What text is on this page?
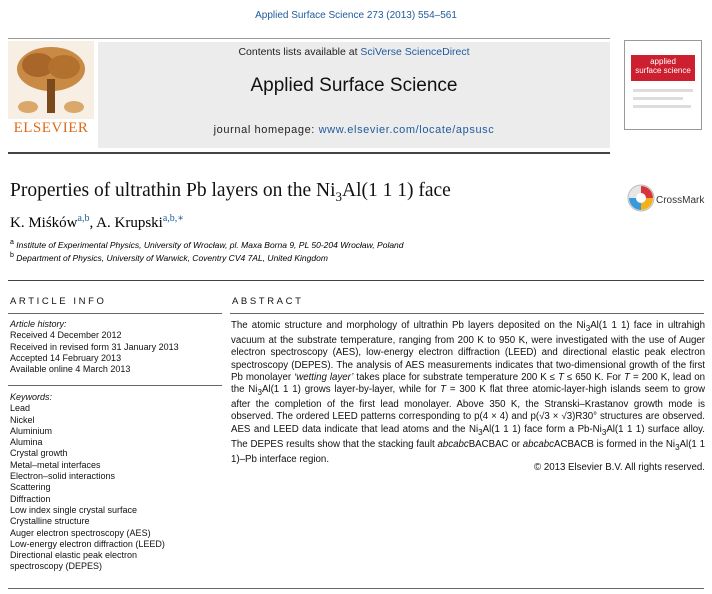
Applied Surface Science 273 (2013) 554–561
ELSEVIER
Contents lists available at SciVerse ScienceDirect
Applied Surface Science
journal homepage: www.elsevier.com/locate/apsusc
applied
surface science
Properties of ultrathin Pb layers on the $Ni_3Al(1$ 1 1) face	CrossMark
K. Miśków$^{a,b}$, A. Krupski$^{a,b,∗}$
$^a$ Institute of Experimental Physics, University of Wrocław, pl. Maxa Borna 9, PL 50-204 Wrocław, Poland
$^b$ Department of Physics, University of Warwick, Coventry CV4 7AL, United Kingdom
ARTICLE INFO	ABSTRACT
Article history:
Received 4 December 2012
Received in revised form 31 January 2013
Accepted 14 February 2013
Available online 4 March 2013
Keywords:
Lead
Nickel
Aluminium
Alumina
Crystal growth
Metal–metal interfaces
Electron–solid interactions
Scattering
Diffraction
Low index single crystal surface
Crystalline structure
Auger electron spectroscopy (AES)
Low-energy electron diffraction (LEED)
Directional elastic peak electron
spectroscopy (DEPES)
The atomic structure and morphology of ultrathin Pb layers deposited on the $Ni_3Al(1$ 1 1) face in ultrahigh vacuum at the substrate temperature, ranging from 200 K to 950 K, were investigated with the use of Auger electron spectroscopy (AES), low-energy electron diffraction (LEED) and directional elastic peak electron spectroscopy (DEPES). The analysis of AES measurements indicates that two-dimensional growth of the first Pb monolayer ‘wetting layer’ takes place for substrate temperature 200 K ≤ T ≤ 650 K. For T = 200 K, lead on the $Ni_3Al(1$ 1 1) grows layer-by-layer, while for T = 300 K flat three atomic-layer-high islands seem to grow after the completion of the first lead monolayer. Above 350 K, the Stranski–Krastanov growth mode is observed. The ordered LEED patterns corresponding to p(4 × 4) and p(√3 × √3)R30° structures are observed. AES and LEED data indicate that lead atoms and the $Ni_3Al(1$ 1 1) face form a $Pb-Ni_3Al(1$ 1 1) surface alloy. The DEPES results show that the stacking fault abcabcBACBAC or abcabcACBACB is formed in the $Ni_3Al(1$ 1 1)–Pb interface region.
© 2013 Elsevier B.V. All rights reserved.
